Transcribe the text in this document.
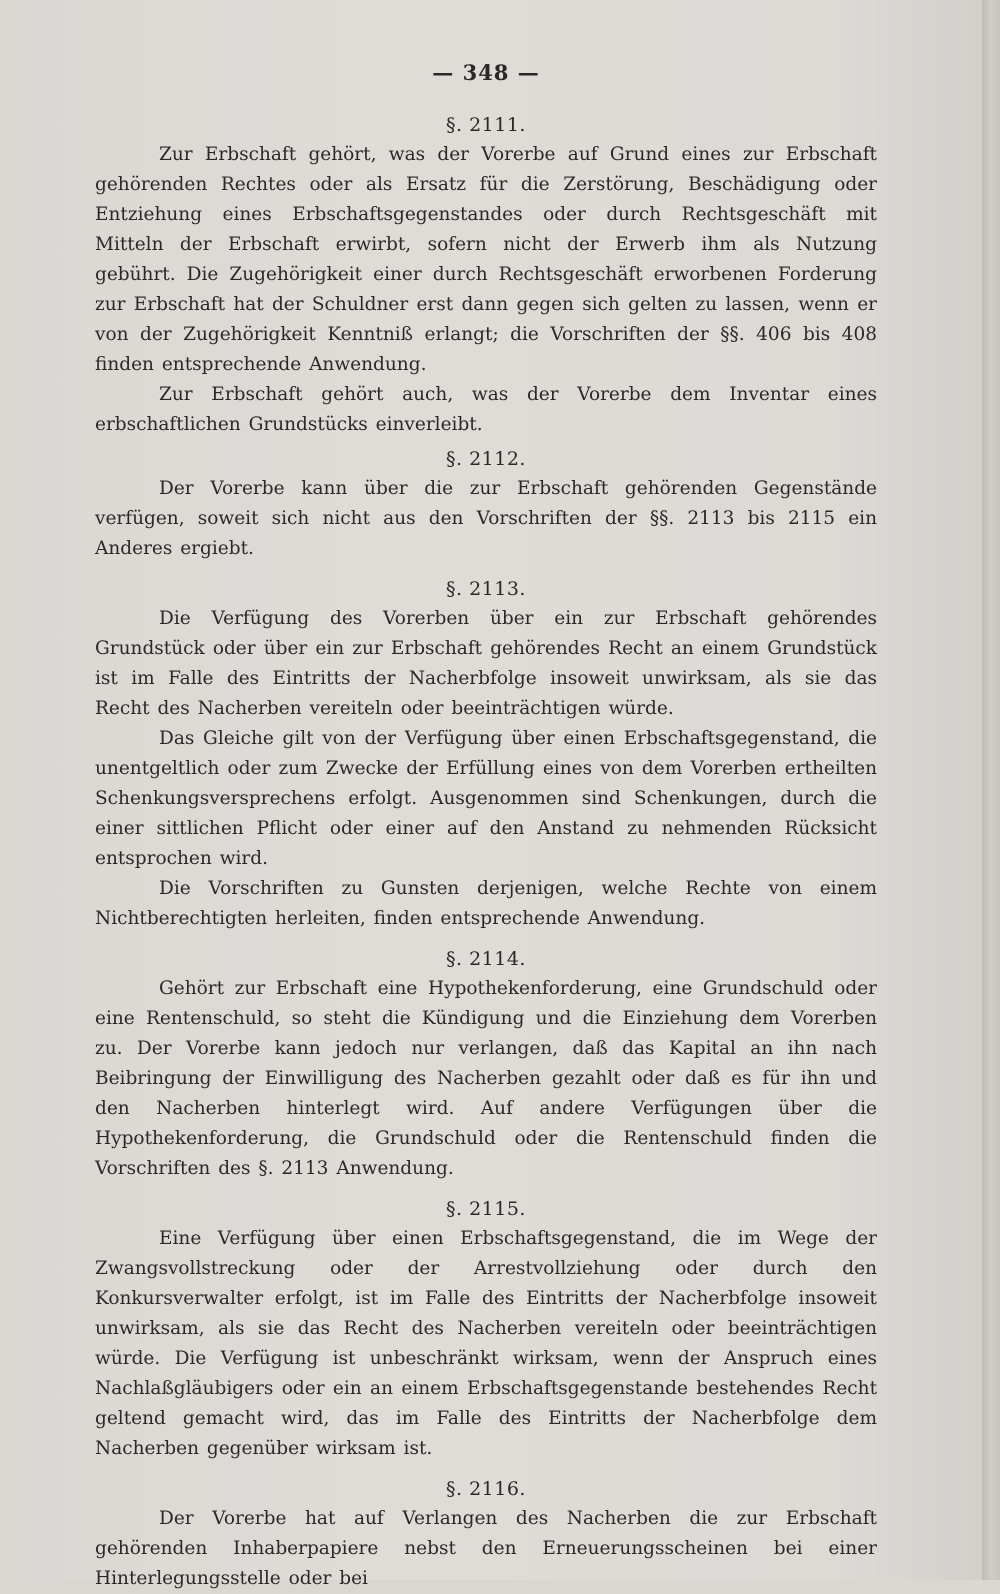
— 348 —
§. 2111.

Zur Erbschaft gehört, was der Vorerbe auf Grund eines zur Erbschaft gehörenden Rechtes oder als Ersatz für die Zerstörung, Beschädigung oder Entziehung eines Erbschaftsgegenstandes oder durch Rechtsgeschäft mit Mitteln der Erbschaft erwirbt, sofern nicht der Erwerb ihm als Nutzung gebührt. Die Zugehörigkeit einer durch Rechtsgeschäft erworbenen Forderung zur Erbschaft hat der Schuldner erst dann gegen sich gelten zu lassen, wenn er von der Zugehörigkeit Kenntniß erlangt; die Vorschriften der §§. 406 bis 408 finden entsprechende Anwendung.

Zur Erbschaft gehört auch, was der Vorerbe dem Inventar eines erbschaftlichen Grundstücks einverleibt.

§. 2112.

Der Vorerbe kann über die zur Erbschaft gehörenden Gegenstände verfügen, soweit sich nicht aus den Vorschriften der §§. 2113 bis 2115 ein Anderes ergiebt.

§. 2113.

Die Verfügung des Vorerben über ein zur Erbschaft gehörendes Grundstück oder über ein zur Erbschaft gehörendes Recht an einem Grundstück ist im Falle des Eintritts der Nacherbfolge insoweit unwirksam, als sie das Recht des Nacherben vereiteln oder beeinträchtigen würde.

Das Gleiche gilt von der Verfügung über einen Erbschaftsgegenstand, die unentgeltlich oder zum Zwecke der Erfüllung eines von dem Vorerben ertheilten Schenkungsversprechens erfolgt. Ausgenommen sind Schenkungen, durch die einer sittlichen Pflicht oder einer auf den Anstand zu nehmenden Rücksicht entsprochen wird.

Die Vorschriften zu Gunsten derjenigen, welche Rechte von einem Nichtberechtigten herleiten, finden entsprechende Anwendung.

§. 2114.

Gehört zur Erbschaft eine Hypothekenforderung, eine Grundschuld oder eine Rentenschuld, so steht die Kündigung und die Einziehung dem Vorerben zu. Der Vorerbe kann jedoch nur verlangen, daß das Kapital an ihn nach Beibringung der Einwilligung des Nacherben gezahlt oder daß es für ihn und den Nacherben hinterlegt wird. Auf andere Verfügungen über die Hypothekenforderung, die Grundschuld oder die Rentenschuld finden die Vorschriften des §. 2113 Anwendung.

§. 2115.

Eine Verfügung über einen Erbschaftsgegenstand, die im Wege der Zwangsvollstreckung oder der Arrestvollziehung oder durch den Konkursverwalter erfolgt, ist im Falle des Eintritts der Nacherbfolge insoweit unwirksam, als sie das Recht des Nacherben vereiteln oder beeinträchtigen würde. Die Verfügung ist unbeschränkt wirksam, wenn der Anspruch eines Nachlaßgläubigers oder ein an einem Erbschaftsgegenstande bestehendes Recht geltend gemacht wird, das im Falle des Eintritts der Nacherbfolge dem Nacherben gegenüber wirksam ist.

§. 2116.

Der Vorerbe hat auf Verlangen des Nacherben die zur Erbschaft gehörenden Inhaberpapiere nebst den Erneuerungsscheinen bei einer Hinterlegungsstelle oder bei
